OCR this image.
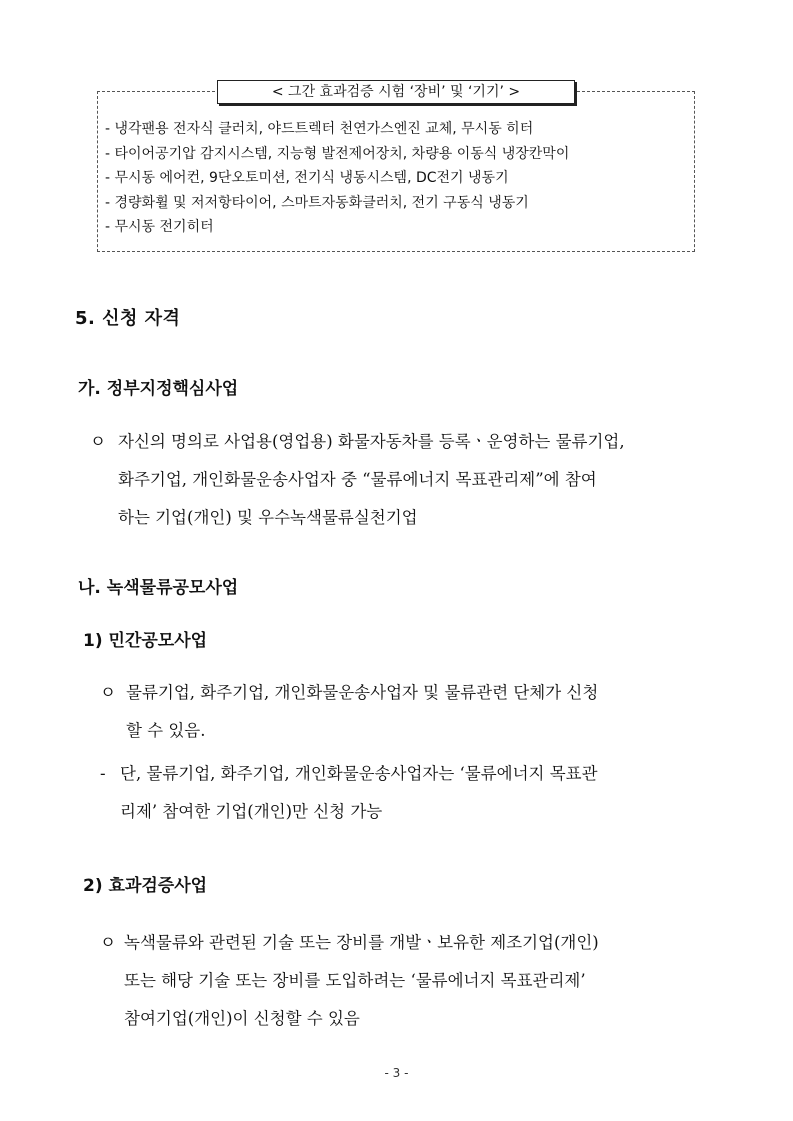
< 그간 효과검증 시험 ‘장비’ 및 ‘기기’ >
- 냉각팬용 전자식 클러치, 야드트렉터 천연가스엔진 교체, 무시동 히터
- 타이어공기압 감지시스템, 지능형 발전제어장치, 차량용 이동식 냉장칸막이
- 무시동 에어컨, 9단오토미션, 전기식 냉동시스템, DC전기 냉동기
- 경량화휠 및 저저항타이어, 스마트자동화클러치, 전기 구동식 냉동기
- 무시동 전기히터
5. 신청 자격
가. 정부지정핵심사업
ㅇ 자신의 명의로 사업용(영업용) 화물자동차를 등록ㆍ운영하는 물류기업,
화주기업, 개인화물운송사업자 중 “물류에너지 목표관리제”에 참여
하는 기업(개인) 및 우수녹색물류실천기업
나. 녹색물류공모사업
1) 민간공모사업
ㅇ 물류기업, 화주기업, 개인화물운송사업자 및 물류관련 단체가 신청
할 수 있음.
- 단, 물류기업, 화주기업, 개인화물운송사업자는 ‘물류에너지 목표관
리제’ 참여한 기업(개인)만 신청 가능
2) 효과검증사업
ㅇ 녹색물류와 관련된 기술 또는 장비를 개발ㆍ보유한 제조기업(개인)
또는 해당 기술 또는 장비를 도입하려는 ‘물류에너지 목표관리제’
참여기업(개인)이 신청할 수 있음
- 3 -
